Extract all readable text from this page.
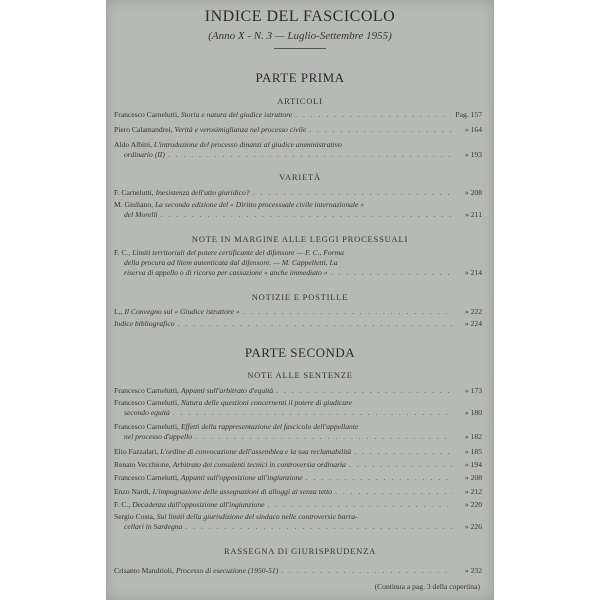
INDICE DEL FASCICOLO
(Anno X - N. 3 — Luglio-Settembre 1955)
PARTE PRIMA
ARTICOLI
Francesco Carnelutti, Storia e natura del giudice istruttore . . .	Pag. 157
Piero Calamandrei, Verità e verosimiglianza nel processo civile . . .	» 164
Aldo Albini, L'introduzione del processo dinanzi al giudice amministrativo
ordinario (II) . . .	» 193
VARIETÀ
F. Carnelutti, Inesistenza dell'atto giuridico? . . .	» 208
M. Giuliano, La seconda edizione del « Diritto processuale civile internazionale »
del Morelli . . .	» 211
NOTE IN MARGINE ALLE LEGGI PROCESSUALI
F. C., Limiti territoriali del potere certificante del difensore — F. C., Forma
della procura ad litem autenticata dal difensore. — M. Cappelletti, La
riserva di appello o di ricorso per cassazione « anche immediato » . . .	» 214
NOTIZIE E POSTILLE
L., Il Convegno sul « Giudice istruttore » . . .	» 222
Indice bibliografico . . .	» 224
PARTE SECONDA
NOTE ALLE SENTENZE
Francesco Carnelutti, Appunti sull'arbitrato d'equità . . .	» 173
Francesco Carnelutti, Natura delle questioni concernenti il potere di giudicare
secondo equità . . .	» 180
Francesco Carnelutti, Effetti della rappresentazione del fascicolo dell'appellante
nel processo d'appello . . .	» 182
Elio Fazzalari, L'ordine di convocazione dell'assemblea e la sua reclamabilità . . .	» 185
Renato Vecchione, Arbitrato dei consulenti tecnici in controversia ordinaria . . .	» 194
Francesco Carnelutti, Appunti sull'opposizione all'ingiunzione . . .	» 208
Enzo Nardi, L'impugnazione delle assegnazioni di alloggi ai senza tetto . . .	» 212
F. C., Decadenza dall'opposizione all'ingiunzione . . .	» 220
Sergio Costa, Sui limiti della giurisdizione del sindaco nelle controversie barra-
cellari in Sardegna . . .	» 226
RASSEGNA DI GIURISPRUDENZA
Crisanto Mandrioli, Processo di esecuzione (1950-51) . . .	» 232
(Continua a pag. 3 della copertina)
